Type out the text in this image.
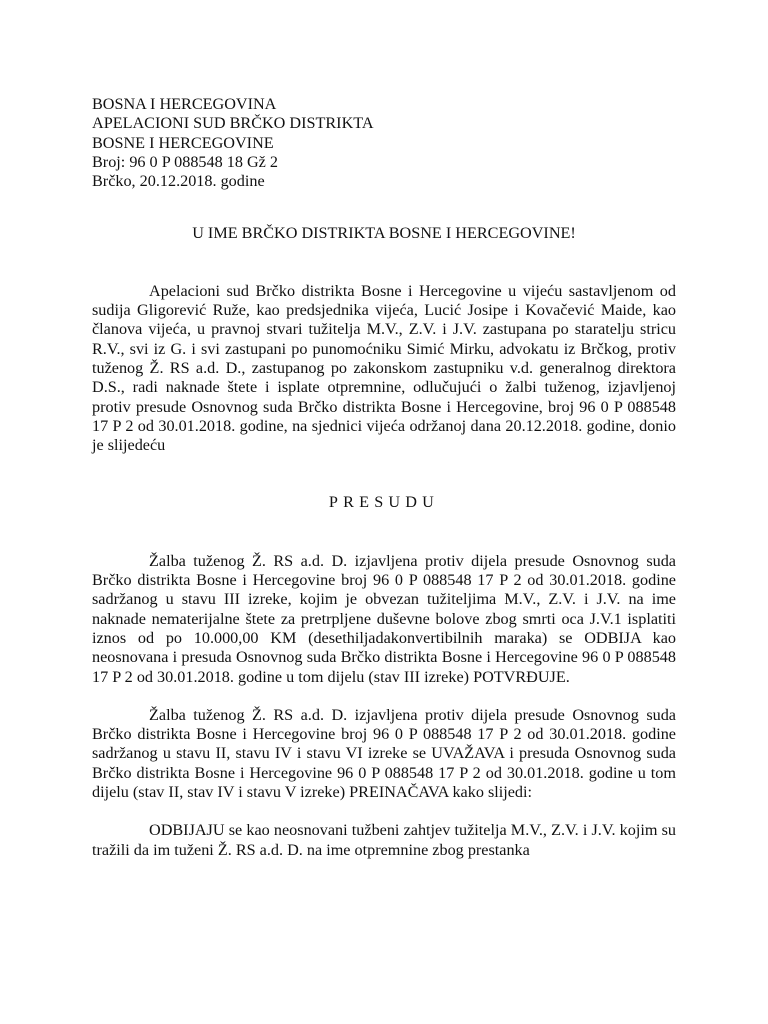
BOSNA I HERCEGOVINA
APELACIONI SUD BRČKO DISTRIKTA
BOSNE I HERCEGOVINE
Broj: 96 0 P 088548 18 Gž 2
Brčko, 20.12.2018. godine
U IME BRČKO DISTRIKTA BOSNE I HERCEGOVINE!

Apelacioni sud Brčko distrikta Bosne i Hercegovine u vijeću sastavljenom od sudija Gligorević Ruže, kao predsjednika vijeća, Lucić Josipe i Kovačević Maide, kao članova vijeća, u pravnoj stvari tužitelja M.V., Z.V. i J.V. zastupana po staratelju stricu R.V., svi iz G. i svi zastupani po punomoćniku Simić Mirku, advokatu iz Brčkog, protiv tuženog Ž. RS a.d. D., zastupanog po zakonskom zastupniku v.d. generalnog direktora D.S., radi naknade štete i isplate otpremnine, odlučujući o žalbi tuženog, izjavljenoj protiv presude Osnovnog suda Brčko distrikta Bosne i Hercegovine, broj 96 0 P 088548 17 P 2 od 30.01.2018. godine, na sjednici vijeća održanoj dana 20.12.2018. godine, donio je slijedeću

PRESUDU

Žalba tuženog Ž. RS a.d. D. izjavljena protiv dijela presude Osnovnog suda Brčko distrikta Bosne i Hercegovine broj 96 0 P 088548 17 P 2 od 30.01.2018. godine sadržanog u stavu III izreke, kojim je obvezan tužiteljima M.V., Z.V. i J.V. na ime naknade nematerijalne štete za pretrpljene duševne bolove zbog smrti oca J.V.1 isplatiti iznos od po 10.000,00 KM (desethiljadakonvertibilnih maraka) se ODBIJA kao neosnovana i presuda Osnovnog suda Brčko distrikta Bosne i Hercegovine 96 0 P 088548 17 P 2 od 30.01.2018. godine u tom dijelu (stav III izreke) POTVRĐUJE.

Žalba tuženog Ž. RS a.d. D. izjavljena protiv dijela presude Osnovnog suda Brčko distrikta Bosne i Hercegovine broj 96 0 P 088548 17 P 2 od 30.01.2018. godine sadržanog u stavu II, stavu IV i stavu VI izreke se UVAŽAVA i presuda Osnovnog suda Brčko distrikta Bosne i Hercegovine 96 0 P 088548 17 P 2 od 30.01.2018. godine u tom dijelu (stav II, stav IV i stavu V izreke) PREINAČAVA kako slijedi:

ODBIJAJU se kao neosnovani tužbeni zahtjev tužitelja M.V., Z.V. i J.V. kojim su tražili da im tuženi Ž. RS a.d. D. na ime otpremnine zbog prestanka
